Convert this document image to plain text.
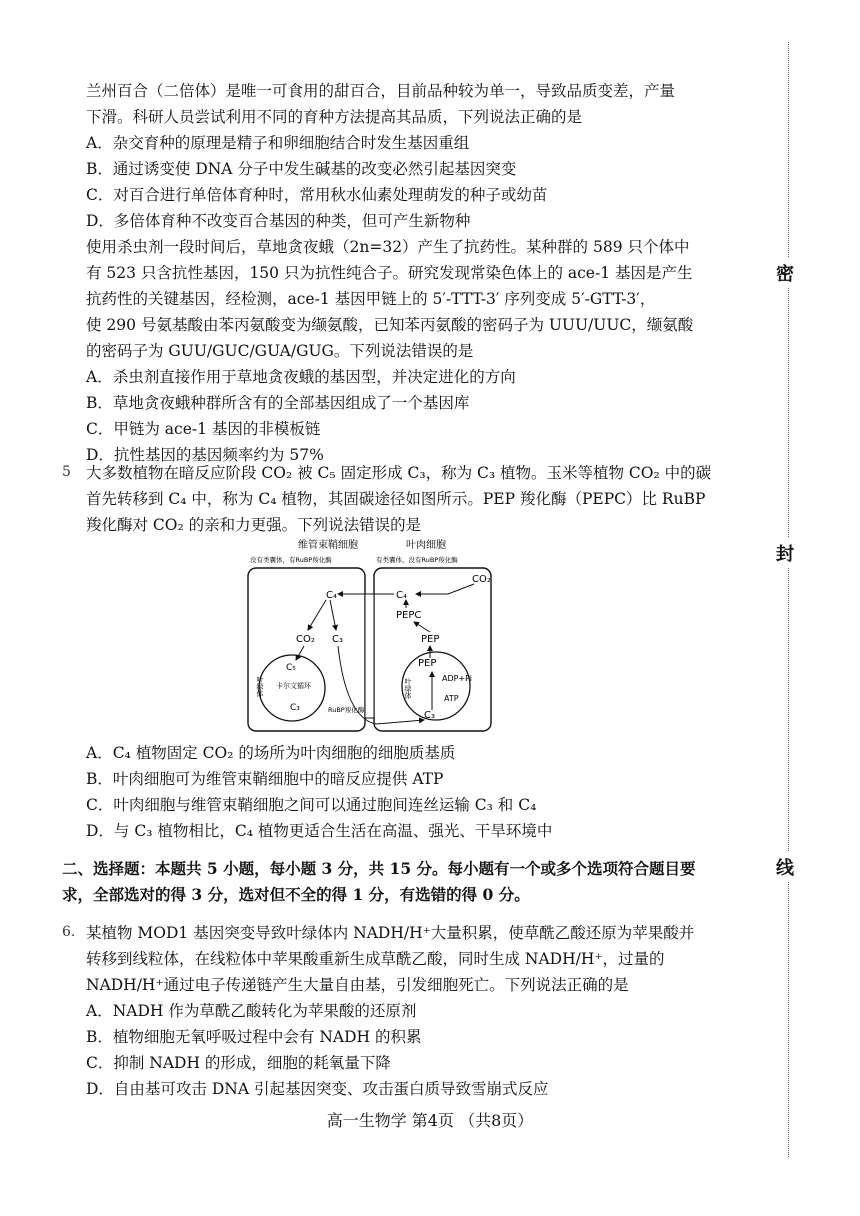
密
封
线
兰州百合（二倍体）是唯一可食用的甜百合，目前品种较为单一，导致品质变差，产量
下滑。科研人员尝试利用不同的育种方法提高其品质，下列说法正确的是
A．杂交育种的原理是精子和卵细胞结合时发生基因重组
B．通过诱变使 DNA 分子中发生碱基的改变必然引起基因突变
C．对百合进行单倍体育种时，常用秋水仙素处理萌发的种子或幼苗
D．多倍体育种不改变百合基因的种类，但可产生新物种
使用杀虫剂一段时间后，草地贪夜蛾（2n=32）产生了抗药性。某种群的 589 只个体中
有 523 只含抗性基因，150 只为抗性纯合子。研究发现常染色体上的 ace-1 基因是产生
抗药性的关键基因，经检测，ace-1 基因甲链上的 5′-TTT-3′ 序列变成 5′-GTT-3′，
使 290 号氨基酸由苯丙氨酸变为缬氨酸，已知苯丙氨酸的密码子为 UUU/UUC，缬氨酸
的密码子为 GUU/GUC/GUA/GUG。下列说法错误的是
A．杀虫剂直接作用于草地贪夜蛾的基因型，并决定进化的方向
B．草地贪夜蛾种群所含有的全部基因组成了一个基因库
C．甲链为 ace-1 基因的非模板链
D．抗性基因的基因频率约为 57%
5 大多数植物在暗反应阶段 CO₂ 被 C₅ 固定形成 C₃，称为 C₃ 植物。玉米等植物 CO₂ 中的碳
首先转移到 C₄ 中，称为 C₄ 植物，其固碳途径如图所示。PEP 羧化酶（PEPC）比 RuBP
羧化酶对 CO₂ 的亲和力更强。下列说法错误的是
维管束鞘细胞
没有类囊体，有RuBP羧化酶
叶肉细胞
有类囊体，没有RuBP羧化酶
C₄
CO₂ C₃
C₅
卡尔文循环
C₃
叶绿体
RuBP羧化酶
C₄
CO₂
PEPC
PEP
PEP
ADP+Pi
ATP
叶绿体
C₃
A．C₄ 植物固定 CO₂ 的场所为叶肉细胞的细胞质基质
B．叶肉细胞可为维管束鞘细胞中的暗反应提供 ATP
C．叶肉细胞与维管束鞘细胞之间可以通过胞间连丝运输 C₃ 和 C₄
D．与 C₃ 植物相比，C₄ 植物更适合生活在高温、强光、干旱环境中
二、选择题：本题共 5 小题，每小题 3 分，共 15 分。每小题有一个或多个选项符合题目要
求，全部选对的得 3 分，选对但不全的得 1 分，有选错的得 0 分。
6. 某植物 MOD1 基因突变导致叶绿体内 NADH/H⁺大量积累，使草酰乙酸还原为苹果酸并
转移到线粒体，在线粒体中苹果酸重新生成草酰乙酸，同时生成 NADH/H⁺，过量的
NADH/H⁺通过电子传递链产生大量自由基，引发细胞死亡。下列说法正确的是
A．NADH 作为草酰乙酸转化为苹果酸的还原剂
B．植物细胞无氧呼吸过程中会有 NADH 的积累
C．抑制 NADH 的形成，细胞的耗氧量下降
D．自由基可攻击 DNA 引起基因突变、攻击蛋白质导致雪崩式反应
高一生物学 第4页 （共8页）
